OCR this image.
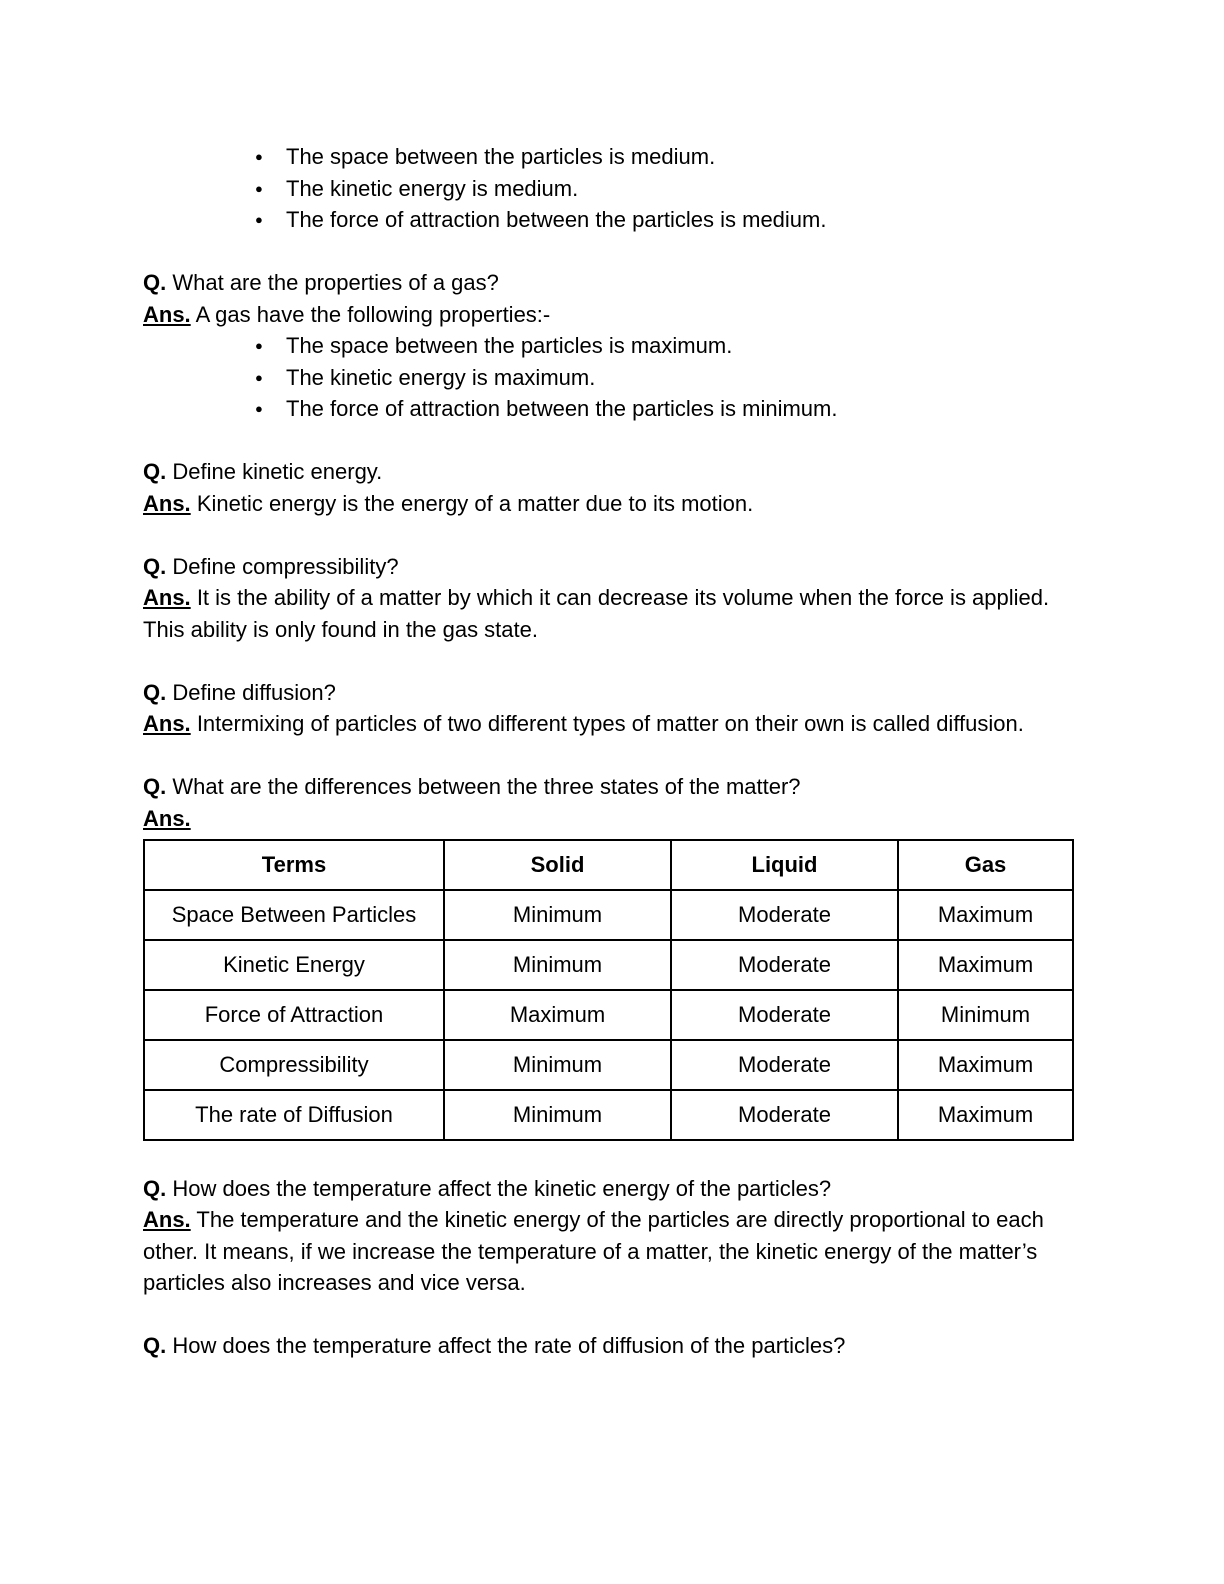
● The space between the particles is medium.
● The kinetic energy is medium.
● The force of attraction between the particles is medium.

Q. What are the properties of a gas?

Ans. A gas have the following properties:-

● The space between the particles is maximum.
● The kinetic energy is maximum.
● The force of attraction between the particles is minimum.

Q. Define kinetic energy.

Ans. Kinetic energy is the energy of a matter due to its motion.

Q. Define compressibility?

Ans. It is the ability of a matter by which it can decrease its volume when the force is applied. This ability is only found in the gas state.

Q. Define diffusion?

Ans. Intermixing of particles of two different types of matter on their own is called diffusion.

Q. What are the differences between the three states of the matter?

Ans.

Terms	Solid	Liquid	Gas
Space Between Particles	Minimum	Moderate	Maximum
Kinetic Energy	Minimum	Moderate	Maximum
Force of Attraction	Maximum	Moderate	Minimum
Compressibility	Minimum	Moderate	Maximum
The rate of Diffusion	Minimum	Moderate	Maximum

Q. How does the temperature affect the kinetic energy of the particles?

Ans. The temperature and the kinetic energy of the particles are directly proportional to each other. It means, if we increase the temperature of a matter, the kinetic energy of the matter’s particles also increases and vice versa.

Q. How does the temperature affect the rate of diffusion of the particles?
